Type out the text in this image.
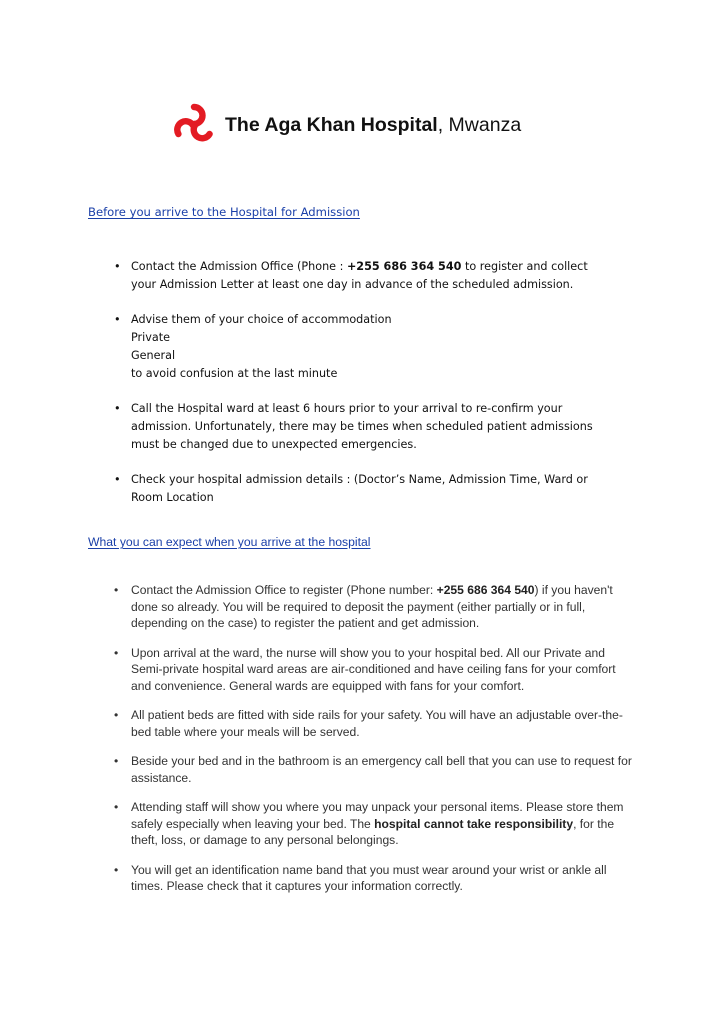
The Aga Khan Hospital, Mwanza
Before you arrive to the Hospital for Admission
• Contact the Admission Office (Phone : +255 686 364 540 to register and collect your Admission Letter at least one day in advance of the scheduled admission.
• Advise them of your choice of accommodation
Private
General
to avoid confusion at the last minute
• Call the Hospital ward at least 6 hours prior to your arrival to re-confirm your admission. Unfortunately, there may be times when scheduled patient admissions must be changed due to unexpected emergencies.
• Check your hospital admission details : (Doctor’s Name, Admission Time, Ward or Room Location
What you can expect when you arrive at the hospital
• Contact the Admission Office to register (Phone number: +255 686 364 540) if you haven't done so already. You will be required to deposit the payment (either partially or in full, depending on the case) to register the patient and get admission.
• Upon arrival at the ward, the nurse will show you to your hospital bed. All our Private and Semi-private hospital ward areas are air-conditioned and have ceiling fans for your comfort and convenience. General wards are equipped with fans for your comfort.
• All patient beds are fitted with side rails for your safety. You will have an adjustable over-the-bed table where your meals will be served.
• Beside your bed and in the bathroom is an emergency call bell that you can use to request for assistance.
• Attending staff will show you where you may unpack your personal items. Please store them safely especially when leaving your bed. The hospital cannot take responsibility, for the theft, loss, or damage to any personal belongings.
• You will get an identification name band that you must wear around your wrist or ankle all times. Please check that it captures your information correctly.
